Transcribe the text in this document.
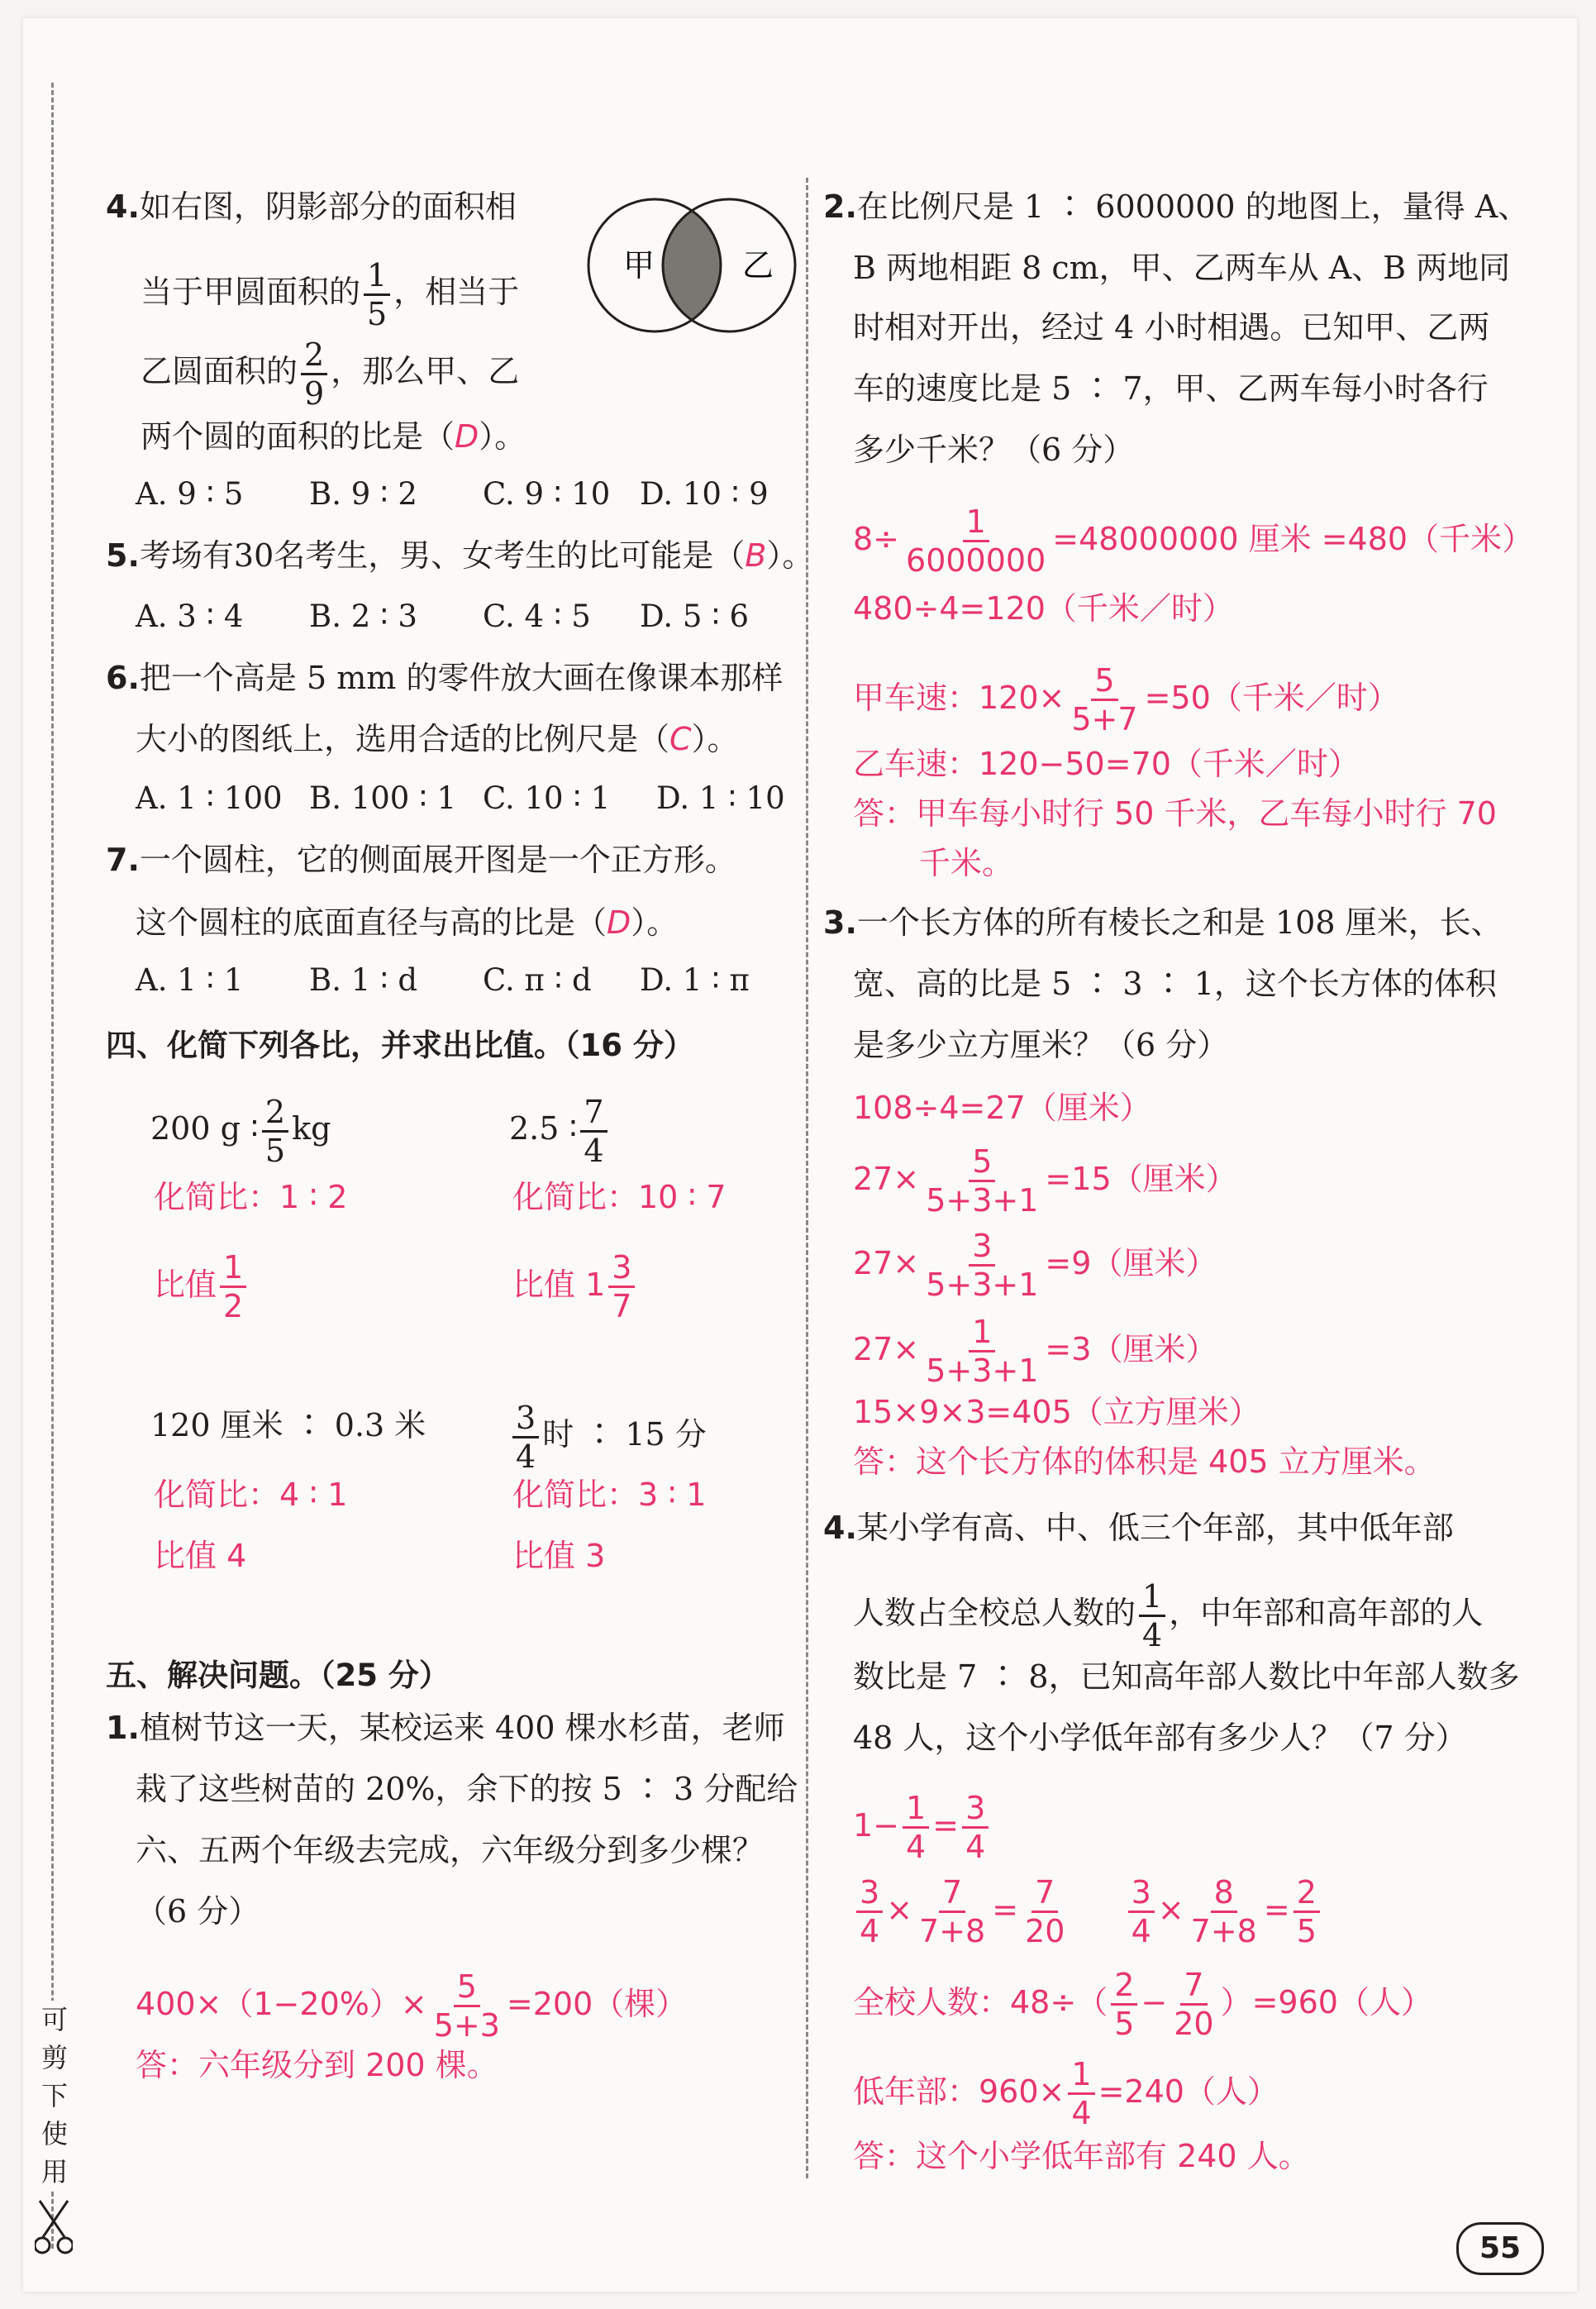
可
剪
下
使
用
4.如右图，阴影部分的面积相
当于甲圆面积的 $\frac{1}{5}$ ，相当于
乙圆面积的 $\frac{2}{9}$ ，那么甲、乙
两个圆的面积的比是（D）。
甲	乙
A. 9 ∶ 5 B. 9 ∶ 2 C. 9 ∶ 10 D. 10 ∶ 9
5.考场有30名考生，男、女考生的比可能是（B）。
A. 3 ∶ 4 B. 2 ∶ 3 C. 4 ∶ 5 D. 5 ∶ 6
6.把一个高是 5 mm 的零件放大画在像课本那样
大小的图纸上，选用合适的比例尺是（C）。
A. 1 ∶ 100 B. 100 ∶ 1 C. 10 ∶ 1 D. 1 ∶ 10
7.一个圆柱，它的侧面展开图是一个正方形。
这个圆柱的底面直径与高的比是（D）。
A. 1 ∶ 1 B. 1 ∶ d C. π ∶ d D. 1 ∶ π
四、化简下列各比，并求出比值。（16 分）
200 g ∶ $\frac{2}{5}$ kg
化简比：1 ∶ 2
比值 $\frac{1}{2}$
2.5 ∶ $\frac{7}{4}$
化简比：10 ∶ 7
比值 $1 \frac{3}{7}$
120 厘米 ∶ 0.3 米
化简比：4 ∶ 1
比值 4
$\frac{3}{4}$ 时 ∶ 15 分
化简比：3 ∶ 1
比值 3
五、解决问题。（25 分）
1.植树节这一天，某校运来 400 棵水杉苗，老师
栽了这些树苗的 20%，余下的按 5 ∶ 3 分配给
六、五两个年级去完成，六年级分到多少棵？
（6 分）
$400\times(1-20\%)\times \frac{5}{5+3} =200$（棵）
答：六年级分到 200 棵。
2.在比例尺是 1 ∶ 6000000 的地图上，量得 A、
B 两地相距 8 cm，甲、乙两车从 A、B 两地同
时相对开出，经过 4 小时相遇。已知甲、乙两
车的速度比是 5 ∶ 7，甲、乙两车每小时各行
多少千米？（6 分）
$8\div \frac{1}{6000000} =48000000$ 厘米 =480（千米）
480÷4=120（千米／时）
甲车速：$120\times \frac{5}{5+7} =50$（千米／时）
乙车速：120−50=70（千米／时）
答：甲车每小时行 50 千米，乙车每小时行 70
千米。
3.一个长方体的所有棱长之和是 108 厘米，长、
宽、高的比是 5 ∶ 3 ∶ 1，这个长方体的体积
是多少立方厘米？（6 分）
108÷4=27（厘米）
$27\times \frac{5}{5+3+1} =15$（厘米）
$27\times \frac{3}{5+3+1} =9$（厘米）
$27\times \frac{1}{5+3+1} =3$（厘米）
15×9×3=405（立方厘米）
答：这个长方体的体积是 405 立方厘米。
4.某小学有高、中、低三个年部，其中低年部
人数占全校总人数的 $\frac{1}{4}$ ，中年部和高年部的人
数比是 7 ∶ 8，已知高年部人数比中年部人数多
48 人，这个小学低年部有多少人？（7 分）
$1- \frac{1}{4} = \frac{3}{4}$
$\frac{3}{4} \times \frac{7}{7+8} = \frac{7}{20}$
$\frac{3}{4} \times \frac{8}{7+8} = \frac{2}{5}$
全校人数：$48\div( \frac{2}{5} - \frac{7}{20} )=960$（人）
低年部：$960\times \frac{1}{4} =240$（人）
答：这个小学低年部有 240 人。
55
